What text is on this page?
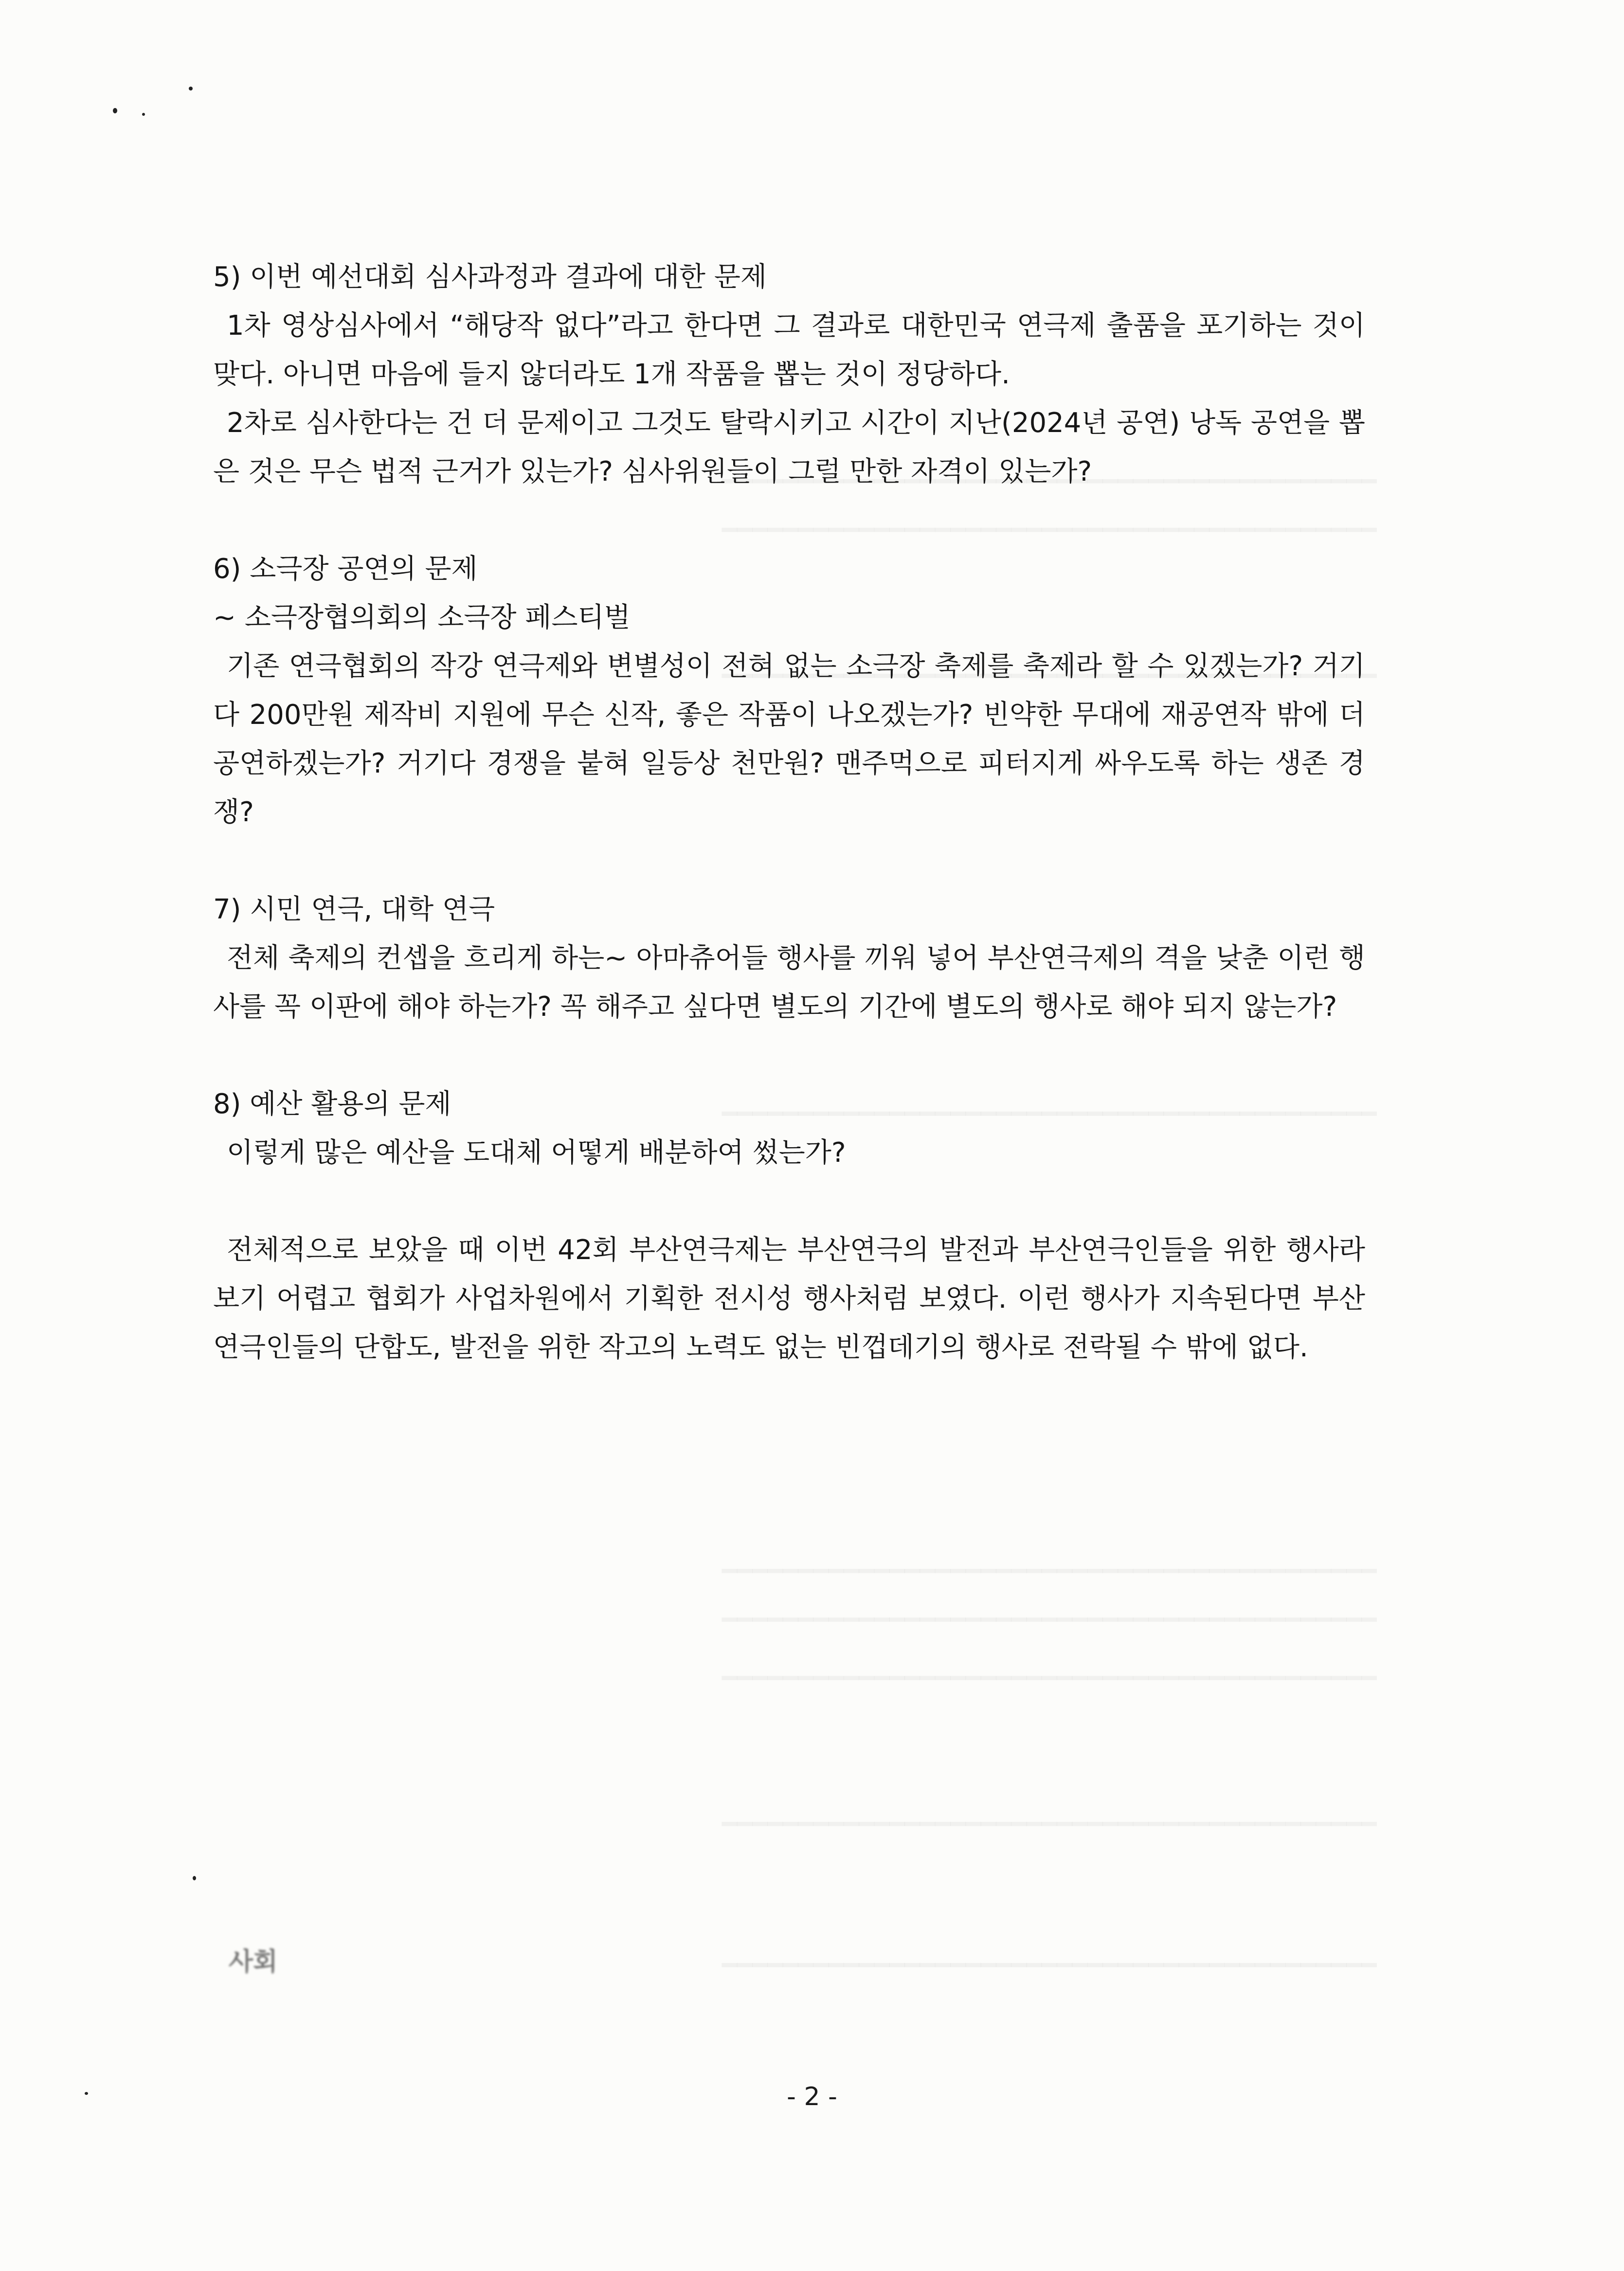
사회

5) 이번 예선대회 심사과정과 결과에 대한 문제

1차 영상심사에서 “해당작 없다”라고 한다면 그 결과로 대한민국 연극제 출품을 포기하는 것이 맞다. 아니면 마음에 들지 않더라도 1개 작품을 뽑는 것이 정당하다.

2차로 심사한다는 건 더 문제이고 그것도 탈락시키고 시간이 지난(2024년 공연) 낭독 공연을 뽑은 것은 무슨 법적 근거가 있는가? 심사위원들이 그럴 만한 자격이 있는가?

6) 소극장 공연의 문제

~ 소극장협의회의 소극장 페스티벌

기존 연극협회의 작강 연극제와 변별성이 전혀 없는 소극장 축제를 축제라 할 수 있겠는가? 거기다 200만원 제작비 지원에 무슨 신작, 좋은 작품이 나오겠는가? 빈약한 무대에 재공연작 밖에 더 공연하겠는가? 거기다 경쟁을 붙혀 일등상 천만원? 맨주먹으로 피터지게 싸우도록 하는 생존 경쟁?

7) 시민 연극, 대학 연극

전체 축제의 컨셉을 흐리게 하는~ 아마츄어들 행사를 끼워 넣어 부산연극제의 격을 낮춘 이런 행사를 꼭 이판에 해야 하는가? 꼭 해주고 싶다면 별도의 기간에 별도의 행사로 해야 되지 않는가?

8) 예산 활용의 문제

이렇게 많은 예산을 도대체 어떻게 배분하여 썼는가?

전체적으로 보았을 때 이번 42회 부산연극제는 부산연극의 발전과 부산연극인들을 위한 행사라 보기 어렵고 협회가 사업차원에서 기획한 전시성 행사처럼 보였다. 이런 행사가 지속된다면 부산연극인들의 단합도, 발전을 위한 작고의 노력도 없는 빈껍데기의 행사로 전락될 수 밖에 없다.

- 2 -
